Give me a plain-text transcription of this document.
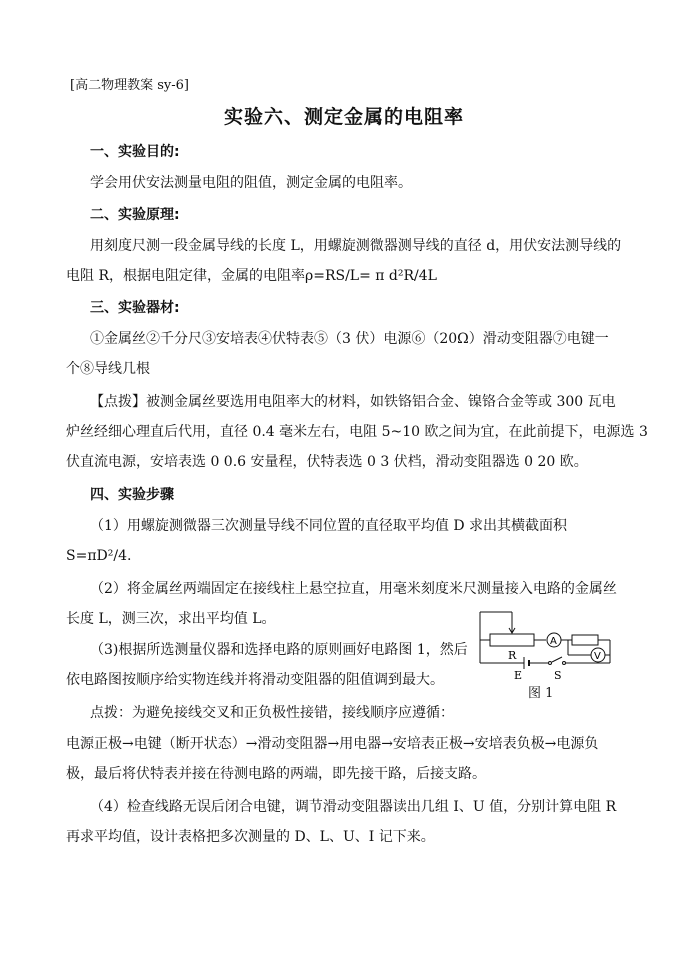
[高二物理教案 sy-6]
实验六、测定金属的电阻率
一、实验目的:
学会用伏安法测量电阻的阻值，测定金属的电阻率。
二、实验原理:
用刻度尺测一段金属导线的长度 L，用螺旋测微器测导线的直径 d，用伏安法测导线的
电阻 R，根据电阻定律，金属的电阻率ρ=RS/L= π d²R/4L
三、实验器材:
①金属丝②千分尺③安培表④伏特表⑤（3 伏）电源⑥（20Ω）滑动变阻器⑦电键一
个⑧导线几根
【点拨】被测金属丝要选用电阻率大的材料，如铁铬铝合金、镍铬合金等或 300 瓦电
炉丝经细心理直后代用，直径 0.4 毫米左右，电阻 5~10 欧之间为宜，在此前提下，电源选 3
伏直流电源，安培表选 0 0.6 安量程，伏特表选 0 3 伏档，滑动变阻器选 0 20 欧。
四、实验步骤
（1）用螺旋测微器三次测量导线不同位置的直径取平均值 D 求出其横截面积
S=πD²/4.
（2）将金属丝两端固定在接线柱上悬空拉直，用毫米刻度米尺测量接入电路的金属丝
长度 L，测三次，求出平均值 L。
（3)根据所选测量仪器和选择电路的原则画好电路图 1，然后
依电路图按顺序给实物连线并将滑动变阻器的阻值调到最大。
R
A
V
E	S
图 1
点拨：为避免接线交叉和正负极性接错，接线顺序应遵循：
电源正极→电键（断开状态）→滑动变阻器→用电器→安培表正极→安培表负极→电源负
极，最后将伏特表并接在待测电路的两端，即先接干路，后接支路。
（4）检查线路无误后闭合电键，调节滑动变阻器读出几组 I、U 值，分别计算电阻 R
再求平均值，设计表格把多次测量的 D、L、U、I 记下来。
